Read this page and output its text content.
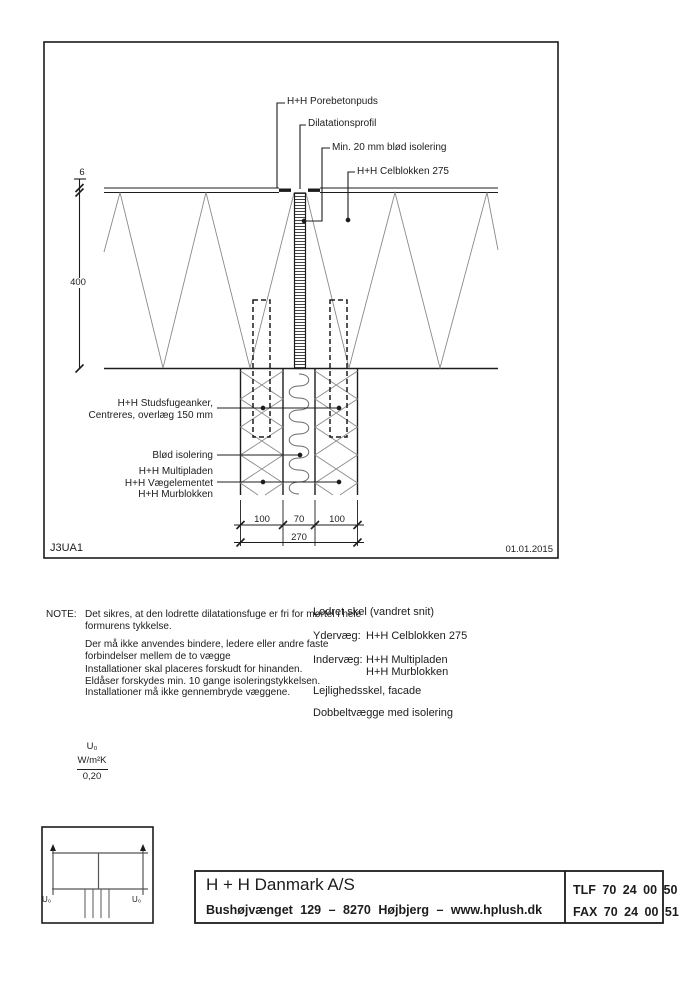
H+H Porebetonpuds
Dilatationsprofil
Min. 20 mm blød isolering
H+H Celblokken 275
H+H Studsfugeanker,
Centreres, overlæg 150 mm
Blød isolering
H+H Multipladen
H+H Vægelementet
H+H Murblokken
6
400
100	70	100
270
J3UA1	01.01.2015
NOTE: Det sikres, at den lodrette dilatationsfuge er fri for mørtel i hele
formurens tykkelse.
Der må ikke anvendes bindere, ledere eller andre faste
forbindelser mellem de to vægge
Installationer skal placeres forskudt for hinanden.
Eldåser forskydes min. 10 gange isoleringstykkelsen.
Installationer må ikke gennembryde væggene.
Lodret skel (vandret snit)
Ydervæg: H+H Celblokken 275
Indervæg: H+H Multipladen
H+H Murblokken
Lejlighedsskel, facade
Dobbeltvægge med isolering
U₀
W/m²K
0,20
U₀	U₀
H + H Danmark A/S
Bushøjvænget 129 – 8270 Højbjerg – www.hplush.dk
TLF 70 24 00 50
FAX 70 24 00 51
